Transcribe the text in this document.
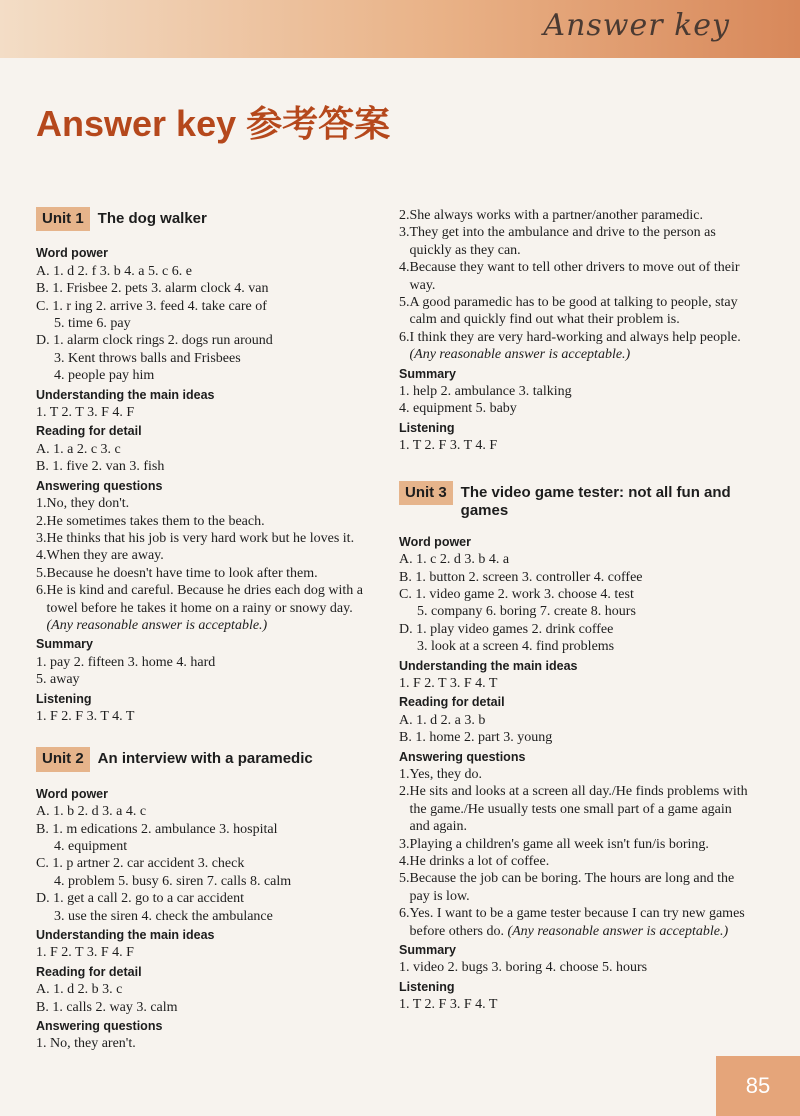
Answer key
Answer key 参考答案
Unit 1 The dog walker
Word power
A. 1. d 2. f 3. b 4. a 5. c 6. e
B. 1. Frisbee 2. pets 3. alarm clock 4. van
C. 1. r ing 2. arrive 3. feed 4. take care of
5. time 6. pay
D. 1. alarm clock rings 2. dogs run around
3. Kent throws balls and Frisbees
4. people pay him
Understanding the main ideas
1. T 2. T 3. F 4. F
Reading for detail
A. 1. a 2. c 3. c
B. 1. five 2. van 3. fish
Answering questions
1. No, they don't.
2. He sometimes takes them to the beach.
3. He thinks that his job is very hard work but he loves it.
4. When they are away.
5. Because he doesn't have time to look after them.
6. He is kind and careful. Because he dries each dog with a towel before he takes it home on a rainy or snowy day. (Any reasonable answer is acceptable.)
Summary
1. pay 2. fifteen 3. home 4. hard
5. away
Listening
1. F 2. F 3. T 4. T
Unit 2 An interview with a paramedic
Word power
A. 1. b 2. d 3. a 4. c
B. 1. m edications 2. ambulance 3. hospital
4. equipment
C. 1. p artner 2. car accident 3. check
4. problem 5. busy 6. siren 7. calls 8. calm
D. 1. get a call 2. go to a car accident
3. use the siren 4. check the ambulance
Understanding the main ideas
1. F 2. T 3. F 4. F
Reading for detail
A. 1. d 2. b 3. c
B. 1. calls 2. way 3. calm
Answering questions
1. No, they aren't.
2. She always works with a partner/another paramedic.
3. They get into the ambulance and drive to the person as quickly as they can.
4. Because they want to tell other drivers to move out of their way.
5. A good paramedic has to be good at talking to people, stay calm and quickly find out what their problem is.
6. I think they are very hard-working and always help people. (Any reasonable answer is acceptable.)
Summary
1. help 2. ambulance 3. talking
4. equipment 5. baby
Listening
1. T 2. F 3. T 4. F
Unit 3 The video game tester: not all fun and games
Word power
A. 1. c 2. d 3. b 4. a
B. 1. button 2. screen 3. controller 4. coffee
C. 1. video game 2. work 3. choose 4. test
5. company 6. boring 7. create 8. hours
D. 1. play video games 2. drink coffee
3. look at a screen 4. find problems
Understanding the main ideas
1. F 2. T 3. F 4. T
Reading for detail
A. 1. d 2. a 3. b
B. 1. home 2. part 3. young
Answering questions
1. Yes, they do.
2. He sits and looks at a screen all day./He finds problems with the game./He usually tests one small part of a game again and again.
3. Playing a children's game all week isn't fun/is boring.
4. He drinks a lot of coffee.
5. Because the job can be boring. The hours are long and the pay is low.
6. Yes. I want to be a game tester because I can try new games before others do. (Any reasonable answer is acceptable.)
Summary
1. video 2. bugs 3. boring 4. choose 5. hours
Listening
1. T 2. F 3. F 4. T
85
